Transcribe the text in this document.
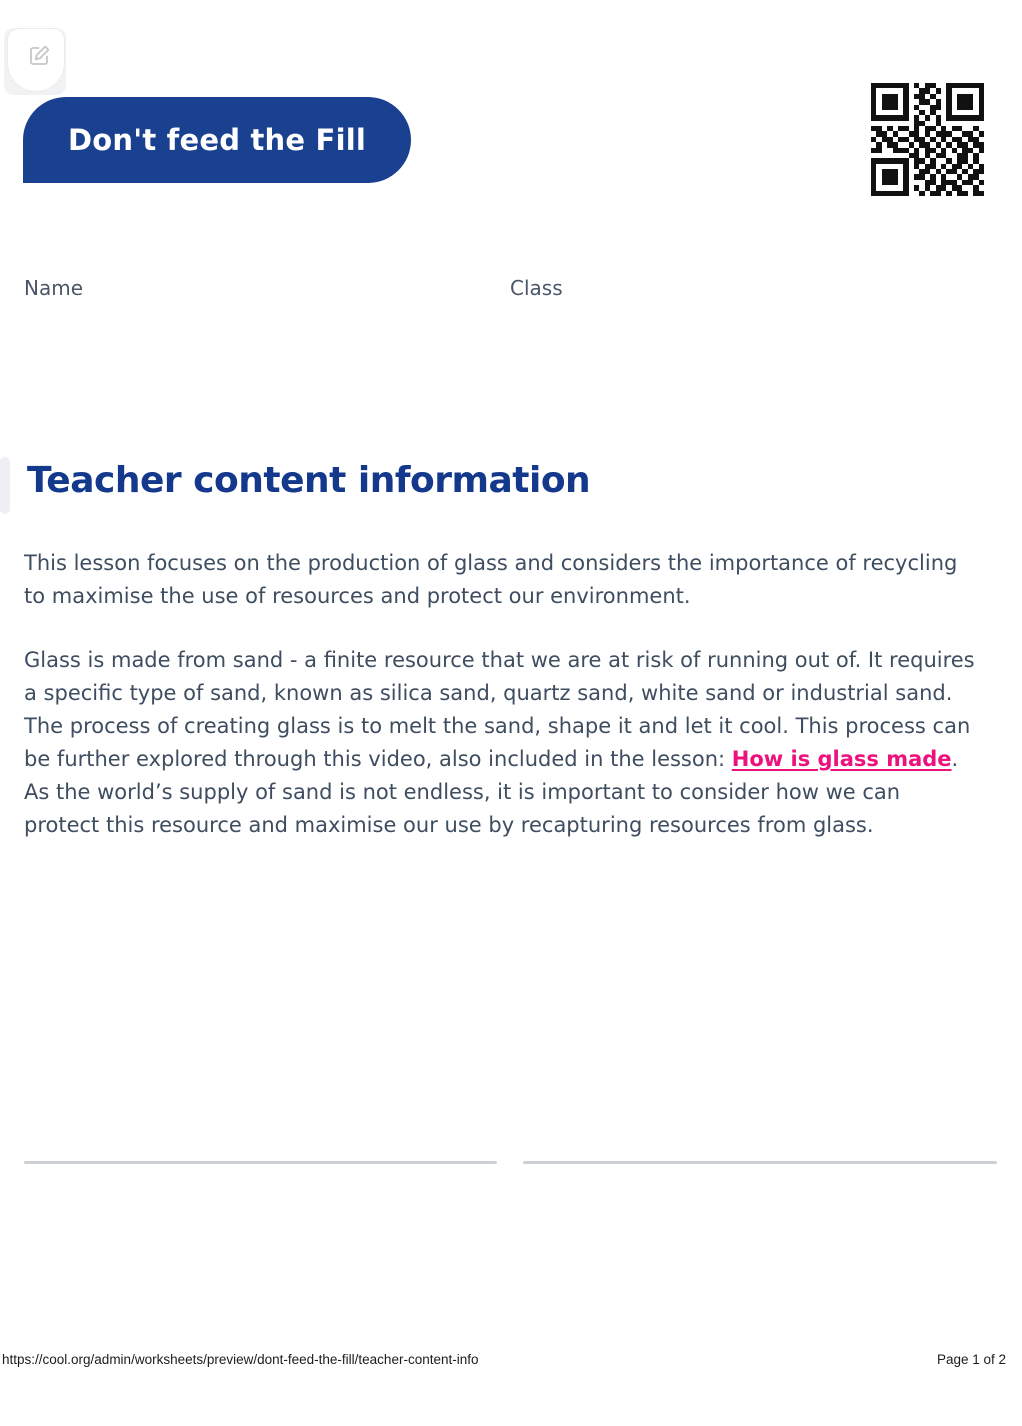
Don't feed the Fill
Name	Class
Teacher content information

This lesson focuses on the production of glass and considers the importance of recycling to maximise the use of resources and protect our environment.

Glass is made from sand - a finite resource that we are at risk of running out of. It requires a specific type of sand, known as silica sand, quartz sand, white sand or industrial sand. The process of creating glass is to melt the sand, shape it and let it cool. This process can be further explored through this video, also included in the lesson: How is glass made. As the world’s supply of sand is not endless, it is important to consider how we can protect this resource and maximise our use by recapturing resources from glass.

https://cool.org/admin/worksheets/preview/dont-feed-the-fill/teacher-content-info	Page 1 of 2
